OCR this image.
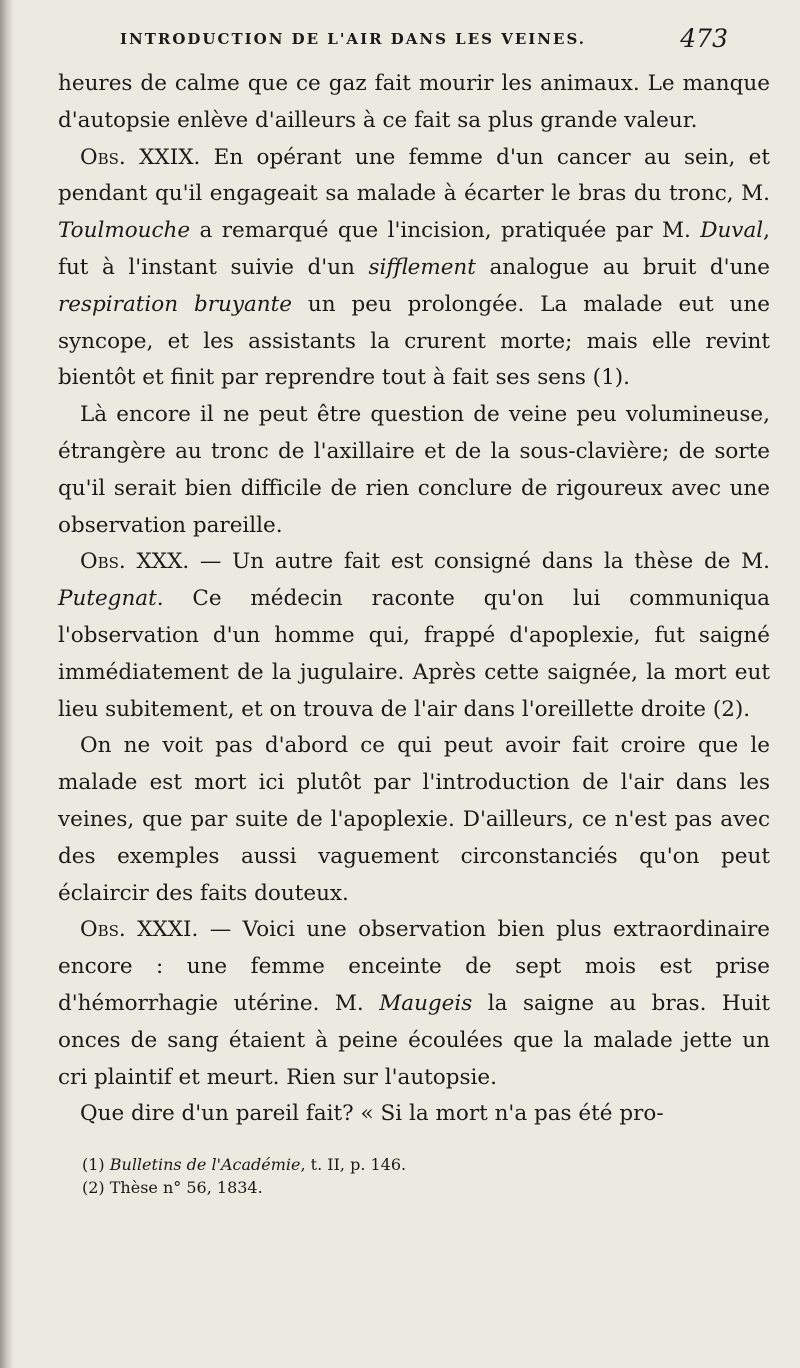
INTRODUCTION DE L'AIR DANS LES VEINES.	473

heures de calme que ce gaz fait mourir les animaux. Le manque d'autopsie enlève d'ailleurs à ce fait sa plus grande valeur.

Obs. XXIX. En opérant une femme d'un cancer au sein, et pendant qu'il engageait sa malade à écarter le bras du tronc, M. Toulmouche a remarqué que l'incision, pratiquée par M. Duval, fut à l'instant suivie d'un sifflement analogue au bruit d'une respiration bruyante un peu prolongée. La malade eut une syncope, et les assistants la crurent morte; mais elle revint bientôt et finit par reprendre tout à fait ses sens (1).

Là encore il ne peut être question de veine peu volumineuse, étrangère au tronc de l'axillaire et de la sous-clavière; de sorte qu'il serait bien difficile de rien conclure de rigoureux avec une observation pareille.

Obs. XXX. — Un autre fait est consigné dans la thèse de M. Putegnat. Ce médecin raconte qu'on lui communiqua l'observation d'un homme qui, frappé d'apoplexie, fut saigné immédiatement de la jugulaire. Après cette saignée, la mort eut lieu subitement, et on trouva de l'air dans l'oreillette droite (2).

On ne voit pas d'abord ce qui peut avoir fait croire que le malade est mort ici plutôt par l'introduction de l'air dans les veines, que par suite de l'apoplexie. D'ailleurs, ce n'est pas avec des exemples aussi vaguement circonstanciés qu'on peut éclaircir des faits douteux.

Obs. XXXI. — Voici une observation bien plus extraordinaire encore : une femme enceinte de sept mois est prise d'hémorrhagie utérine. M. Maugeis la saigne au bras. Huit onces de sang étaient à peine écoulées que la malade jette un cri plaintif et meurt. Rien sur l'autopsie.

Que dire d'un pareil fait? « Si la mort n'a pas été pro-

(1) Bulletins de l'Académie, t. II, p. 146.

(2) Thèse n° 56, 1834.
